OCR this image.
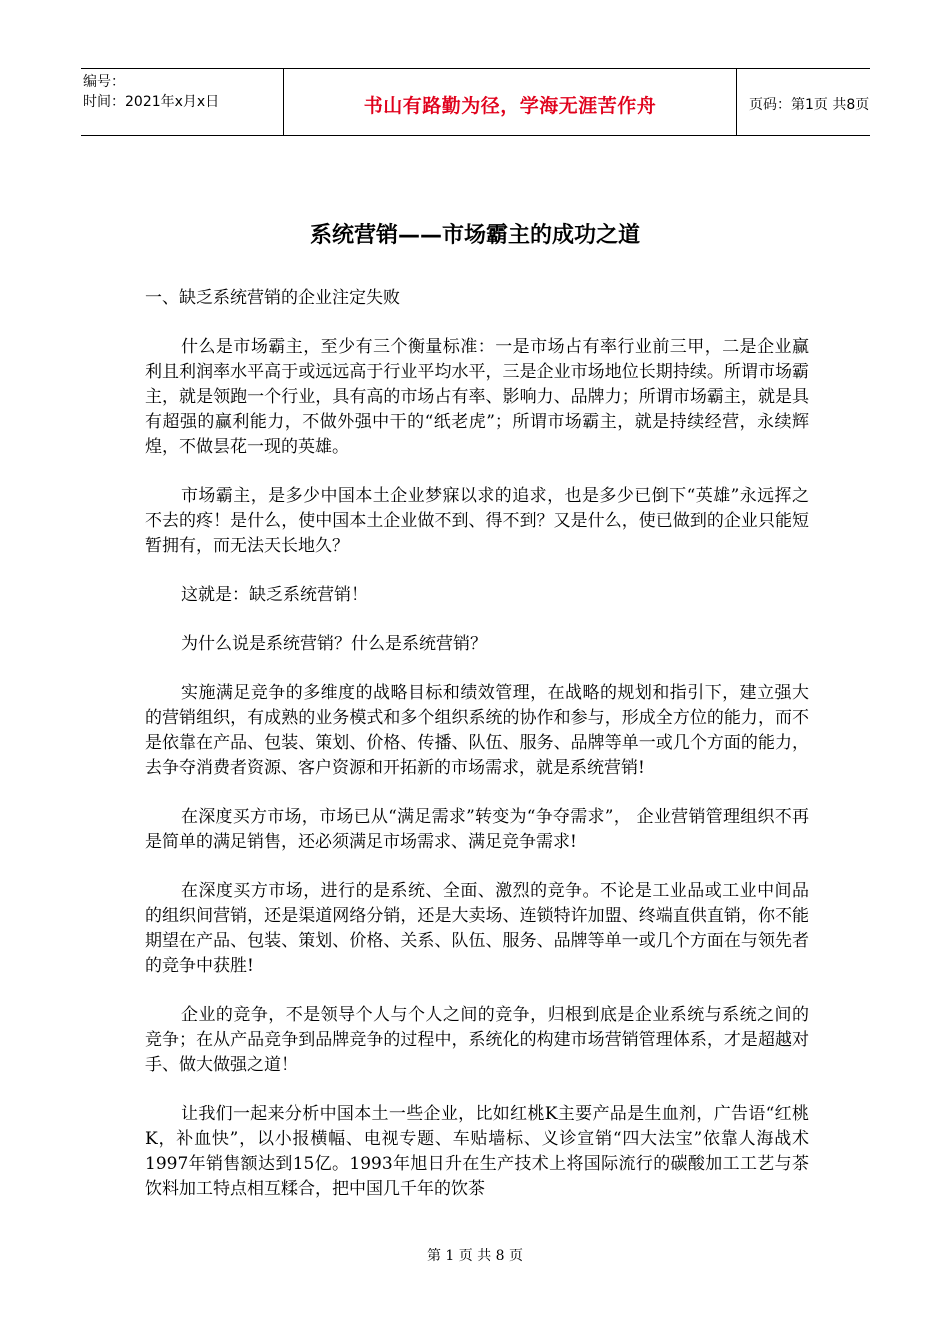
编号：
时间：2021年x月x日	书山有路勤为径，学海无涯苦作舟	页码：第1页 共8页
系统营销——市场霸主的成功之道
一、缺乏系统营销的企业注定失败

什么是市场霸主，至少有三个衡量标准：一是市场占有率行业前三甲，二是企业赢利且利润率水平高于或远远高于行业平均水平，三是企业市场地位长期持续。所谓市场霸主，就是领跑一个行业，具有高的市场占有率、影响力、品牌力；所谓市场霸主，就是具有超强的赢利能力，不做外强中干的“纸老虎”；所谓市场霸主，就是持续经营，永续辉煌，不做昙花一现的英雄。

市场霸主，是多少中国本土企业梦寐以求的追求，也是多少已倒下“英雄”永远挥之不去的疼！是什么，使中国本土企业做不到、得不到？又是什么，使已做到的企业只能短暂拥有，而无法天长地久？

这就是：缺乏系统营销！

为什么说是系统营销？什么是系统营销？

实施满足竞争的多维度的战略目标和绩效管理，在战略的规划和指引下，建立强大的营销组织，有成熟的业务模式和多个组织系统的协作和参与，形成全方位的能力，而不是依靠在产品、包装、策划、价格、传播、队伍、服务、品牌等单一或几个方面的能力，去争夺消费者资源、客户资源和开拓新的市场需求，就是系统营销!

在深度买方市场，市场已从“满足需求”转变为“争夺需求”， 企业营销管理组织不再是简单的满足销售，还必须满足市场需求、满足竞争需求!

在深度买方市场，进行的是系统、全面、激烈的竞争。不论是工业品或工业中间品的组织间营销，还是渠道网络分销，还是大卖场、连锁特许加盟、终端直供直销，你不能期望在产品、包装、策划、价格、关系、队伍、服务、品牌等单一或几个方面在与领先者的竞争中获胜!

企业的竞争，不是领导个人与个人之间的竞争，归根到底是企业系统与系统之间的竞争；在从产品竞争到品牌竞争的过程中，系统化的构建市场营销管理体系，才是超越对手、做大做强之道！

让我们一起来分析中国本土一些企业，比如红桃K主要产品是生血剂，广告语“红桃K，补血快”，以小报横幅、电视专题、车贴墙标、义诊宣销“四大法宝”依靠人海战术1997年销售额达到15亿。1993年旭日升在生产技术上将国际流行的碳酸加工工艺与茶饮料加工特点相互糅合，把中国几千年的饮茶

第 1 页 共 8 页
